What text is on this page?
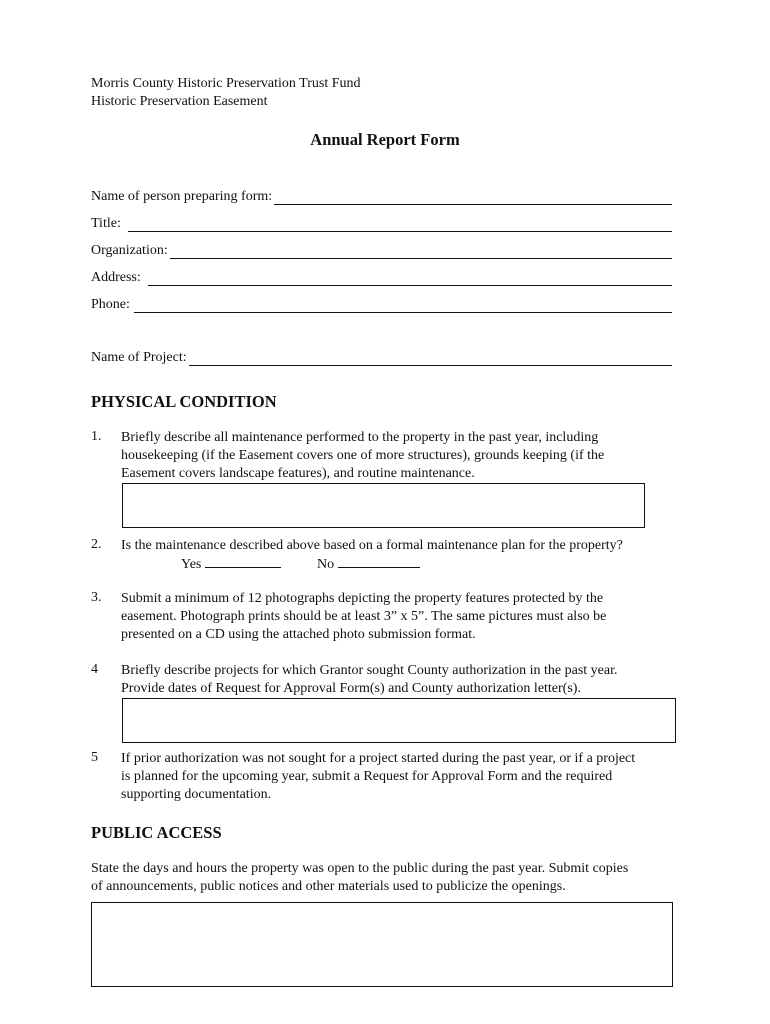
Morris County Historic Preservation Trust Fund
Historic Preservation Easement
Annual Report Form
Name of person preparing form:
Title:
Organization:
Address:
Phone:
Name of Project:
PHYSICAL CONDITION
1.	Briefly describe all maintenance performed to the property in the past year, including
housekeeping (if the Easement covers one of more structures), grounds keeping (if the
Easement covers landscape features), and routine maintenance.
2.	Is the maintenance described above based on a formal maintenance plan for the property?
Yes	No
3.	Submit a minimum of 12 photographs depicting the property features protected by the
easement. Photograph prints should be at least 3” x 5”. The same pictures must also be
presented on a CD using the attached photo submission format.
4	Briefly describe projects for which Grantor sought County authorization in the past year.
Provide dates of Request for Approval Form(s) and County authorization letter(s).
5	If prior authorization was not sought for a project started during the past year, or if a project
is planned for the upcoming year, submit a Request for Approval Form and the required
supporting documentation.
PUBLIC ACCESS
State the days and hours the property was open to the public during the past year. Submit copies
of announcements, public notices and other materials used to publicize the openings.
